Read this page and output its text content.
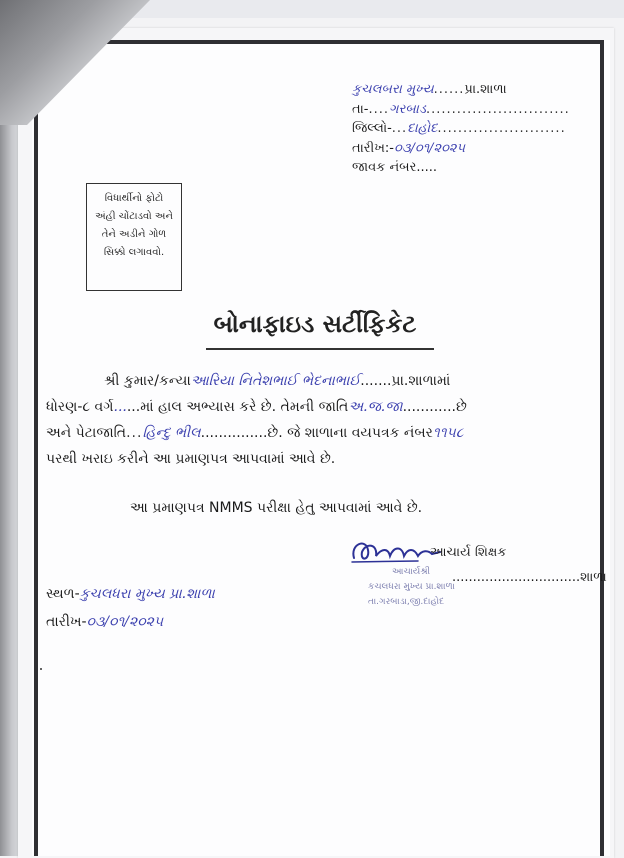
કુચલબરા મુખ્ય......પ્રા.શાળા
તા-....ગરબાડ............................
જિલ્લો-...દાહોદ.........................
તારીખ:-૦૩/૦૧/૨૦૨૫
જાવક નંબર.....
વિધાર્થીનો ફોટો
અંહી ચોંટાડવો અને
તેને અડીને ગોળ
સિક્કો લગાવવો.
બોનાફાઇડ સર્ટીફિકેટ
શ્રી કુમાર/કન્યાઆરિયા નિતેશભાઈ ભેદનાભાઈ.......પ્રા.શાળામાં
ધોરણ-૮ વર્ગ......માં હાલ અભ્યાસ કરે છે. તેમની જાતિઅ.જ.જા............છે
અને પેટાજાતિ...હિન્દુ ભીલ...............છે. જે શાળાના વયપત્રક નંબર૧૧૫૮
પરથી ખરાઇ કરીને આ પ્રમાણપત્ર આપવામાં આવે છે.
આ પ્રમાણપત્ર NMMS પરીક્ષા હેતુ આપવામાં આવે છે.
આચાર્ય શિક્ષક
આચાર્યશ્રી
કચલધરા મુખ્ય પ્રા.શાળા
તા.ગરબાડા,જી.દાહોદ
...............................શાળા
સ્થળ-કુચલધરા મુખ્ય પ્રા.શાળા
તારીખ-૦૩/૦૧/૨૦૨૫
